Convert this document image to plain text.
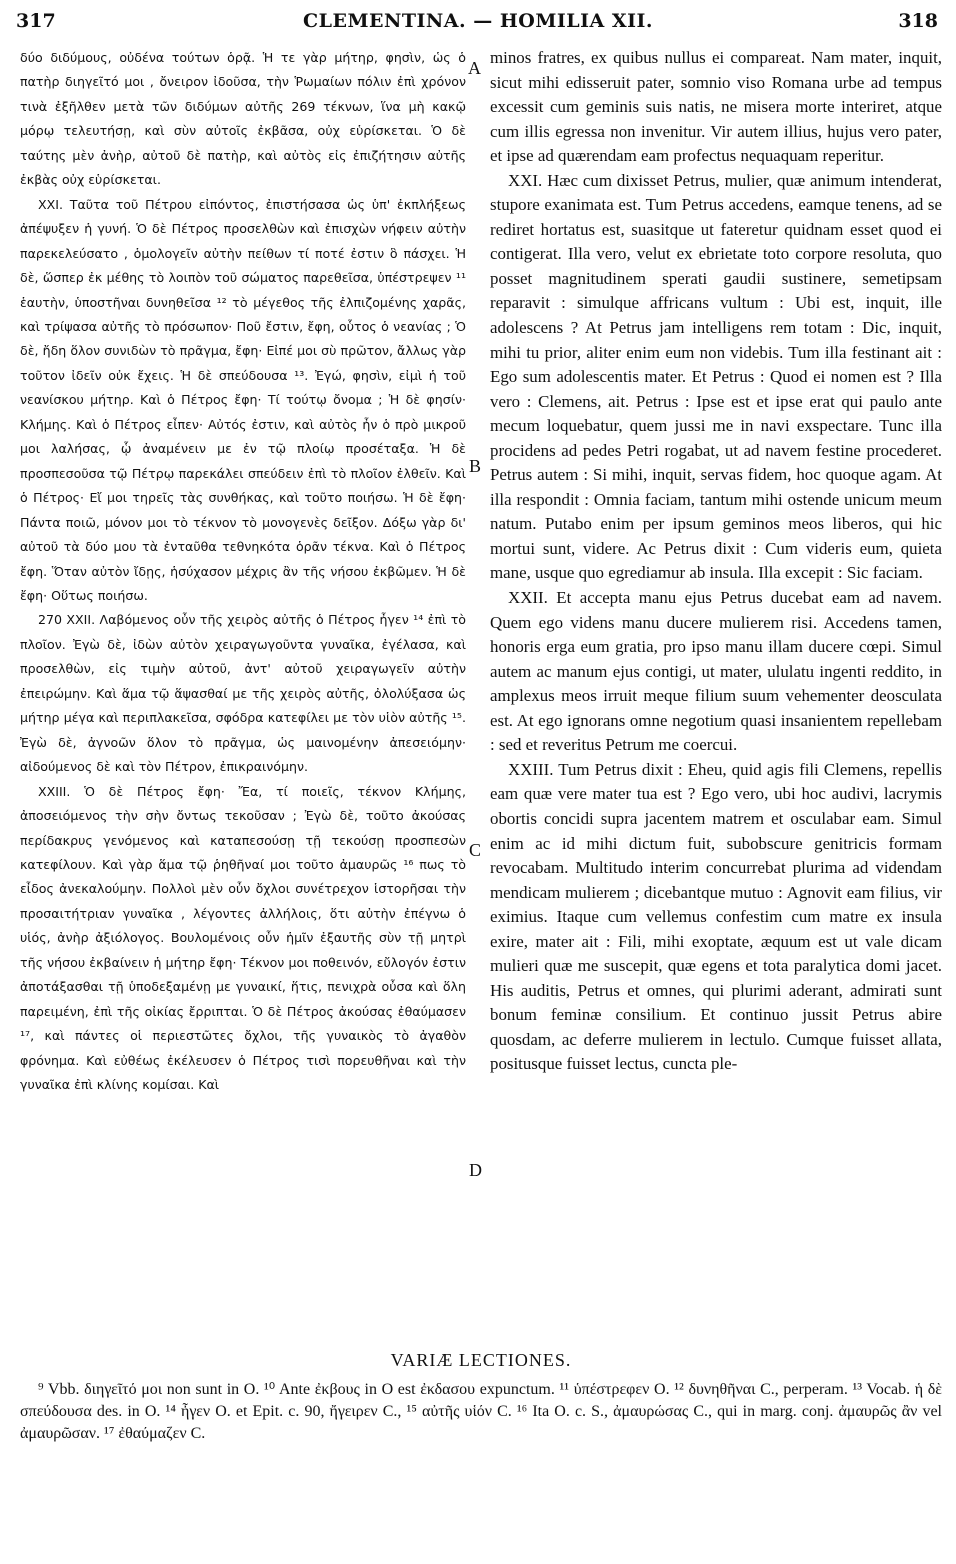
317	CLEMENTINA. — HOMILIA XII.	318

δύο διδύμους, οὐδένα τούτων ὁρᾷ. Ἡ τε γὰρ μήτηρ, φησὶν, ὡς ὁ πατὴρ διηγεῖτό μοι , ὄνειρον ἰδοῦσα, τὴν Ῥωμαίων πόλιν ἐπὶ χρόνον τινὰ ἐξῆλθεν μετὰ τῶν διδύμων αὐτῆς 269 τέκνων, ἵνα μὴ κακῷ μόρῳ τελευτήσῃ, καὶ σὺν αὐτοῖς ἐκβᾶσα, οὐχ εὑρίσκεται. Ὁ δὲ ταύτης μὲν ἀνὴρ, αὐτοῦ δὲ πατὴρ, καὶ αὐτὸς εἰς ἐπιζήτησιν αὐτῆς ἐκβὰς οὐχ εὑρίσκεται.

XXI. Ταῦτα τοῦ Πέτρου εἰπόντος, ἐπιστήσασα ὡς ὑπ' ἐκπλήξεως ἀπέψυξεν ἡ γυνή. Ὁ δὲ Πέτρος προσελθὼν καὶ ἐπισχὼν νήφειν αὐτὴν παρεκελεύσατο , ὁμολογεῖν αὐτὴν πείθων τί ποτέ ἐστιν ὃ πάσχει. Ἡ δὲ, ὥσπερ ἐκ μέθης τὸ λοιπὸν τοῦ σώματος παρεθεῖσα, ὑπέστρεψεν ¹¹ ἑαυτὴν, ὑποστῆναι δυνηθεῖσα ¹² τὸ μέγεθος τῆς ἐλπιζομένης χαρᾶς, καὶ τρίψασα αὐτῆς τὸ πρόσωπον· Ποῦ ἔστιν, ἔφη, οὗτος ὁ νεανίας ; Ὁ δὲ, ἤδη ὅλον συνιδὼν τὸ πρᾶγμα, ἔφη· Εἰπέ μοι σὺ πρῶτον, ἄλλως γὰρ τοῦτον ἰδεῖν οὐκ ἔχεις. Ἡ δὲ σπεύδουσα ¹³. Ἐγώ, φησὶν, εἰμὶ ἡ τοῦ νεανίσκου μήτηρ. Καὶ ὁ Πέτρος ἔφη· Τί τούτῳ ὄνομα ; Ἡ δὲ φησίν· Κλήμης. Καὶ ὁ Πέτρος εἶπεν· Αὐτός ἐστιν, καὶ αὐτὸς ἦν ὁ πρὸ μικροῦ μοι λαλήσας, ᾧ ἀναμένειν με ἐν τῷ πλοίῳ προσέταξα. Ἡ δὲ προσπεσοῦσα τῷ Πέτρῳ παρεκάλει σπεύδειν ἐπὶ τὸ πλοῖον ἐλθεῖν. Καὶ ὁ Πέτρος· Εἴ μοι τηρεῖς τὰς συνθήκας, καὶ τοῦτο ποιήσω. Ἡ δὲ ἔφη· Πάντα ποιῶ, μόνον μοι τὸ τέκνον τὸ μονογενὲς δεῖξον. Δόξω γὰρ δι' αὐτοῦ τὰ δύο μου τὰ ἐνταῦθα τεθνηκότα ὁρᾶν τέκνα. Καὶ ὁ Πέτρος ἔφη. Ὅταν αὐτὸν ἴδῃς, ἡσύχασον μέχρις ἂν τῆς νήσου ἐκβῶμεν. Ἡ δὲ ἔφη· Οὕτως ποιήσω.

270 XXII. Λαβόμενος οὖν τῆς χειρὸς αὐτῆς ὁ Πέτρος ἦγεν ¹⁴ ἐπὶ τὸ πλοῖον. Ἐγὼ δὲ, ἰδὼν αὐτὸν χειραγωγοῦντα γυναῖκα, ἐγέλασα, καὶ προσελθὼν, εἰς τιμὴν αὐτοῦ, ἀντ' αὐτοῦ χειραγωγεῖν αὐτὴν ἐπειρώμην. Καὶ ἅμα τῷ ἅψασθαί με τῆς χειρὸς αὐτῆς, ὀλολύξασα ὡς μήτηρ μέγα καὶ περιπλακεῖσα, σφόδρα κατεφίλει με τὸν υἱὸν αὐτῆς ¹⁵. Ἐγὼ δὲ, ἀγνοῶν ὅλον τὸ πρᾶγμα, ὡς μαινομένην ἀπεσειόμην· αἰδούμενος δὲ καὶ τὸν Πέτρον, ἐπικραινόμην.

XXIII. Ὁ δὲ Πέτρος ἔφη· Ἔα, τί ποιεῖς, τέκνον Κλήμης, ἀποσειόμενος τὴν σὴν ὄντως τεκοῦσαν ; Ἐγὼ δὲ, τοῦτο ἀκούσας περίδακρυς γενόμενος καὶ καταπεσούσῃ τῇ τεκούσῃ προσπεσὼν κατεφίλουν. Καὶ γὰρ ἅμα τῷ ῥηθῆναί μοι τοῦτο ἀμαυρῶς ¹⁶ πως τὸ εἶδος ἀνεκαλούμην. Πολλοὶ μὲν οὖν ὄχλοι συνέτρεχον ἱστορῆσαι τὴν προσαιτήτριαν γυναῖκα , λέγοντες ἀλλήλοις, ὅτι αὐτὴν ἐπέγνω ὁ υἱός, ἀνὴρ ἀξιόλογος. Βουλομένοις οὖν ἡμῖν ἐξαυτῆς σὺν τῇ μητρὶ τῆς νήσου ἐκβαίνειν ἡ μήτηρ ἔφη· Τέκνον μοι ποθεινόν, εὔλογόν ἐστιν ἀποτάξασθαι τῇ ὑποδεξαμένῃ με γυναικί, ἥτις, πενιχρὰ οὖσα καὶ ὅλη παρειμένη, ἐπὶ τῆς οἰκίας ἔρριπται. Ὁ δὲ Πέτρος ἀκούσας ἐθαύμασεν ¹⁷, καὶ πάντες οἱ περιεστῶτες ὄχλοι, τῆς γυναικὸς τὸ ἀγαθὸν φρόνημα. Καὶ εὐθέως ἐκέλευσεν ὁ Πέτρος τισὶ πορευθῆναι καὶ τὴν γυναῖκα ἐπὶ κλίνης κομίσαι. Καὶ

A
B
C
D

minos fratres, ex quibus nullus ei compareat. Nam mater, inquit, sicut mihi edisseruit pater, somnio viso Romana urbe ad tempus excessit cum geminis suis natis, ne misera morte interiret, atque cum illis egressa non invenitur. Vir autem illius, hujus vero pater, et ipse ad quærendam eam profectus nequaquam reperitur.

XXI. Hæc cum dixisset Petrus, mulier, quæ animum intenderat, stupore exanimata est. Tum Petrus accedens, eamque tenens, ad se rediret hortatus est, suasitque ut fateretur quidnam esset quod ei contigerat. Illa vero, velut ex ebrietate toto corpore resoluta, quo posset magnitudinem sperati gaudii sustinere, semetipsam reparavit : simulque affricans vultum : Ubi est, inquit, ille adolescens ? At Petrus jam intelligens rem totam : Dic, inquit, mihi tu prior, aliter enim eum non videbis. Tum illa festinant ait : Ego sum adolescentis mater. Et Petrus : Quod ei nomen est ? Illa vero : Clemens, ait. Petrus : Ipse est et ipse erat qui paulo ante mecum loquebatur, quem jussi me in navi exspectare. Tunc illa procidens ad pedes Petri rogabat, ut ad navem festine procederet. Petrus autem : Si mihi, inquit, servas fidem, hoc quoque agam. At illa respondit : Omnia faciam, tantum mihi ostende unicum meum natum. Putabo enim per ipsum geminos meos liberos, qui hic mortui sunt, videre. Ac Petrus dixit : Cum videris eum, quieta mane, usque quo egrediamur ab insula. Illa excepit : Sic faciam.

XXII. Et accepta manu ejus Petrus ducebat eam ad navem. Quem ego videns manu ducere mulierem risi. Accedens tamen, honoris erga eum gratia, pro ipso manu illam ducere cœpi. Simul autem ac manum ejus contigi, ut mater, ululatu ingenti reddito, in amplexus meos irruit meque filium suum vehementer deosculata est. At ego ignorans omne negotium quasi insanientem repellebam : sed et reveritus Petrum me coercui.

XXIII. Tum Petrus dixit : Eheu, quid agis fili Clemens, repellis eam quæ vere mater tua est ? Ego vero, ubi hoc audivi, lacrymis obortis concidi supra jacentem matrem et osculabar eam. Simul enim ac id mihi dictum fuit, subobscure genitricis formam revocabam. Multitudo interim concurrebat plurima ad videndam mendicam mulierem ; dicebantque mutuo : Agnovit eam filius, vir eximius. Itaque cum vellemus confestim cum matre ex insula exire, mater ait : Fili, mihi exoptate, æquum est ut vale dicam mulieri quæ me suscepit, quæ egens et tota paralytica domi jacet. His auditis, Petrus et omnes, qui plurimi aderant, admirati sunt bonum feminæ consilium. Et continuo jussit Petrus abire quosdam, ac deferre mulierem in lectulo. Cumque fuisset allata, positusque fuisset lectus, cuncta ple-

VARIÆ LECTIONES.

⁹ Vbb. διηγεῖτό μοι non sunt in O. ¹⁰ Ante ἐκβους in O est ἐκδασου expunctum. ¹¹ ὑπέστρεφεν O. ¹² δυνηθῆναι C., perperam. ¹³ Vocab. ἡ δὲ σπεύδουσα des. in O. ¹⁴ ἦγεν O. et Epit. c. 90, ἤγειρεν C., ¹⁵ αὐτῆς υἱόν C. ¹⁶ Ita O. c. S., ἀμαυρώσας C., qui in marg. conj. ἀμαυρῶς ἂν vel ἀμαυρῶσαν. ¹⁷ ἐθαύμαζεν C.
